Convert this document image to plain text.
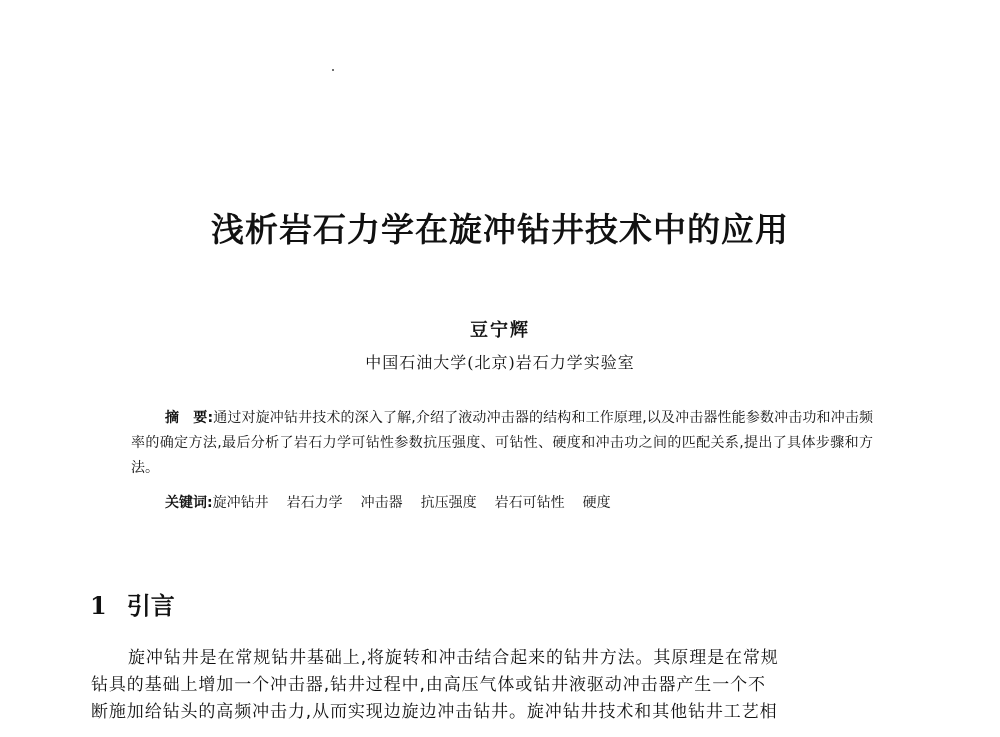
浅析岩石力学在旋冲钻井技术中的应用
豆宁辉
中国石油大学(北京)岩石力学实验室
摘　要:通过对旋冲钻井技术的深入了解,介绍了液动冲击器的结构和工作原理,以及冲击器性能参数冲击功和冲击频率的确定方法,最后分析了岩石力学可钻性参数抗压强度、可钻性、硬度和冲击功之间的匹配关系,提出了具体步骤和方法。
关键词:旋冲钻井 岩石力学 冲击器 抗压强度 岩石可钻性 硬度
1 引言
旋冲钻井是在常规钻井基础上,将旋转和冲击结合起来的钻井方法。其原理是在常规
钻具的基础上增加一个冲击器,钻井过程中,由高压气体或钻井液驱动冲击器产生一个不
断施加给钻头的高频冲击力,从而实现边旋边冲击钻井。旋冲钻井技术和其他钻井工艺相
